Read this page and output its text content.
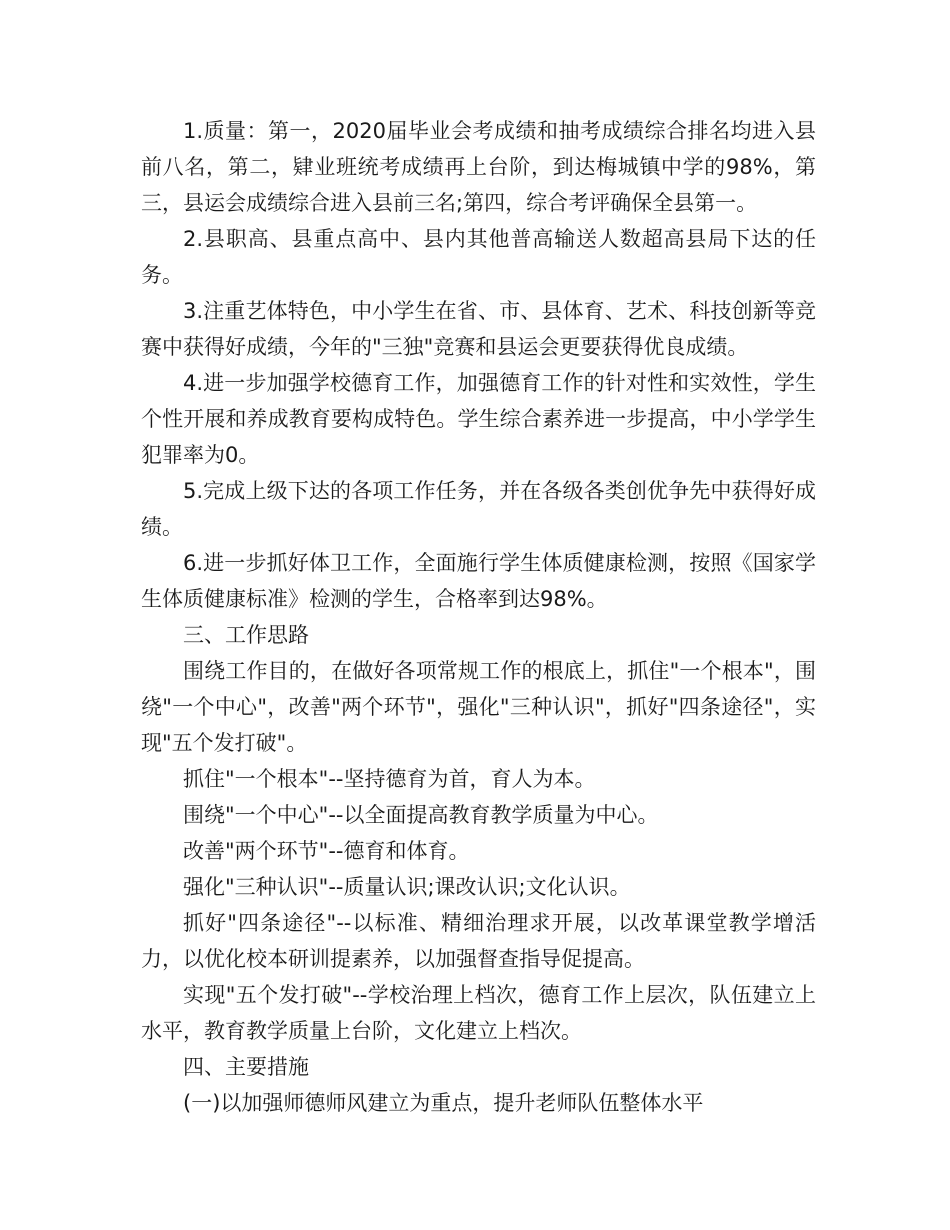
1.质量：第一，2020届毕业会考成绩和抽考成绩综合排名均进入县前八名，第二，肄业班统考成绩再上台阶，到达梅城镇中学的98%，第三，县运会成绩综合进入县前三名;第四，综合考评确保全县第一。

2.县职高、县重点高中、县内其他普高输送人数超高县局下达的任务。

3.注重艺体特色，中小学生在省、市、县体育、艺术、科技创新等竞赛中获得好成绩，今年的"三独"竞赛和县运会更要获得优良成绩。

4.进一步加强学校德育工作，加强德育工作的针对性和实效性，学生个性开展和养成教育要构成特色。学生综合素养进一步提高，中小学学生犯罪率为0。

5.完成上级下达的各项工作任务，并在各级各类创优争先中获得好成绩。

6.进一步抓好体卫工作，全面施行学生体质健康检测，按照《国家学生体质健康标准》检测的学生，合格率到达98%。

三、工作思路

围绕工作目的，在做好各项常规工作的根底上，抓住"一个根本"，围绕"一个中心"，改善"两个环节"，强化"三种认识"，抓好"四条途径"，实现"五个发打破"。

抓住"一个根本"--坚持德育为首，育人为本。

围绕"一个中心"--以全面提高教育教学质量为中心。

改善"两个环节"--德育和体育。

强化"三种认识"--质量认识;课改认识;文化认识。

抓好"四条途径"--以标准、精细治理求开展，以改革课堂教学增活力，以优化校本研训提素养，以加强督查指导促提高。

实现"五个发打破"--学校治理上档次，德育工作上层次，队伍建立上水平，教育教学质量上台阶，文化建立上档次。

四、主要措施

(一)以加强师德师风建立为重点，提升老师队伍整体水平
